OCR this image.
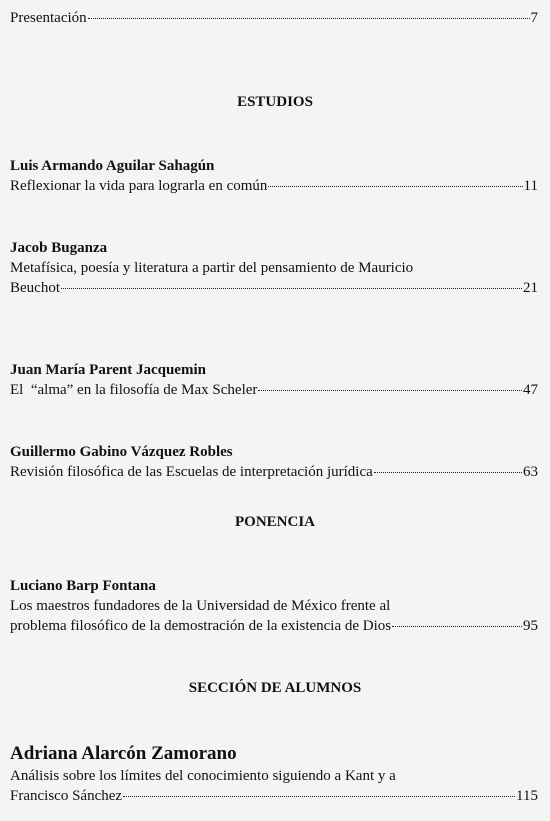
Presentación	7
ESTUDIOS
Luis Armando Aguilar Sahagún
Reflexionar la vida para lograrla en común	11
Jacob Buganza
Metafísica, poesía y literatura a partir del pensamiento de Mauricio
Beuchot	21
Juan María Parent Jacquemin
El  “alma” en la filosofía de Max Scheler	47
Guillermo Gabino Vázquez Robles
Revisión filosófica de las Escuelas de interpretación jurídica	63
PONENCIA
Luciano Barp Fontana
Los maestros fundadores de la Universidad de México frente al
problema filosófico de la demostración de la existencia de Dios	95
SECCIÓN DE ALUMNOS
Adriana Alarcón Zamorano
Análisis sobre los límites del conocimiento siguiendo a Kant y a
Francisco Sánchez	115
